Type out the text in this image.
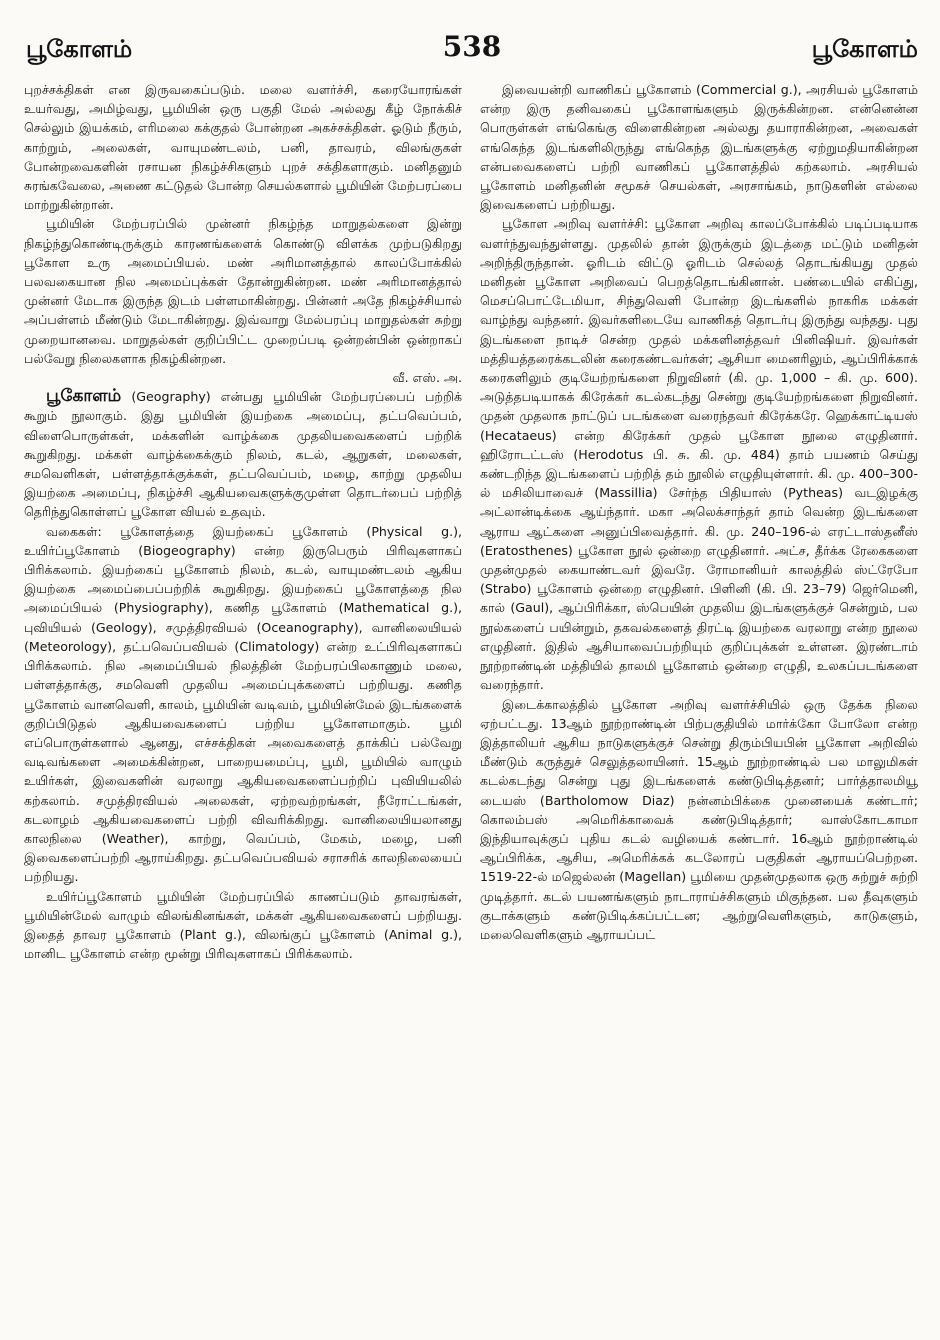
பூகோளம்	538	பூகோளம்

புறச்சக்திகள் என இருவகைப்படும். மலை வளர்ச்சி, கரையோரங்கள் உயர்வது, அமிழ்வது, பூமியின் ஒரு பகுதி மேல் அல்லது கீழ் நோக்கிச் செல்லும் இயக்கம், எரிமலை கக்குதல் போன்றன அகச்சக்திகள். ஓடும் நீரும், காற்றும், அலைகள், வாயுமண்டலம், பனி, தாவரம், விலங்குகள் போன்றவைகளின் ரசாயன நிகழ்ச்சிகளும் புறச் சக்திகளாகும். மனிதனும் சுரங்கவேலை, அணை கட்டுதல் போன்ற செயல்களால் பூமியின் மேற்பரப்பை மாற்றுகின்றான்.

பூமியின் மேற்பரப்பில் முன்னர் நிகழ்ந்த மாறுதல்களை இன்று நிகழ்ந்துகொண்டிருக்கும் காரணங்களைக் கொண்டு விளக்க முற்படுகிறது பூகோள உரு அமைப்பியல். மண் அரிமானத்தால் காலப்போக்கில் பலவகையான நில அமைப்புக்கள் தோன்றுகின்றன. மண் அரிமானத்தால் முன்னர் மேடாக இருந்த இடம் பள்ளமாகின்றது. பின்னர் அதே நிகழ்ச்சியால் அப்பள்ளம் மீண்டும் மேடாகின்றது. இவ்வாறு மேல்பரப்பு மாறுதல்கள் சுற்று முறையானவை. மாறுதல்கள் குறிப்பிட்ட முறைப்படி ஒன்றன்பின் ஒன்றாகப் பல்வேறு நிலைகளாக நிகழ்கின்றன.
வீ. எஸ். அ.

பூகோளம் (Geography) என்பது பூமியின் மேற்பரப்பைப் பற்றிக் கூறும் நூலாகும். இது பூமியின் இயற்கை அமைப்பு, தட்பவெப்பம், விளைபொருள்கள், மக்களின் வாழ்க்கை முதலியவைகளைப் பற்றிக் கூறுகிறது. மக்கள் வாழ்க்கைக்கும் நிலம், கடல், ஆறுகள், மலைகள், சமவெளிகள், பள்ளத்தாக்குக்கள், தட்பவெப்பம், மழை, காற்று முதலிய இயற்கை அமைப்பு, நிகழ்ச்சி ஆகியவைகளுக்குமுள்ள தொடர்பைப் பற்றித் தெரிந்துகொள்ளப் பூகோள வியல் உதவும்.

வகைகள்: பூகோளத்தை இயற்கைப் பூகோளம் (Physical g.), உயிர்ப்பூகோளம் (Biogeography) என்ற இருபெரும் பிரிவுகளாகப் பிரிக்கலாம். இயற்கைப் பூகோளம் நிலம், கடல், வாயுமண்டலம் ஆகிய இயற்கை அமைப்பைப்பற்றிக் கூறுகிறது. இயற்கைப் பூகோளத்தை நில அமைப்பியல் (Physiography), கணித பூகோளம் (Mathematical g.), புவியியல் (Geology), சமுத்திரவியல் (Oceanography), வானிலையியல் (Meteorology), தட்பவெப்பவியல் (Climatology) என்ற உட்பிரிவுகளாகப் பிரிக்கலாம். நில அமைப்பியல் நிலத்தின் மேற்பரப்பிலகாணும் மலை, பள்ளத்தாக்கு, சமவெளி முதலிய அமைப்புக்களைப் பற்றியது. கணித பூகோளம் வானவெளி, காலம், பூமியின் வடிவம், பூமியின்மேல் இடங்களைக் குறிப்பிடுதல் ஆகியவைகளைப் பற்றிய பூகோளமாகும். பூமி எப்பொருள்களால் ஆனது, எச்சக்திகள் அவைகளைத் தாக்கிப் பல்வேறு வடிவங்களை அமைக்கின்றன, பாறையமைப்பு, பூமி, பூமியில் வாழும் உயிர்கள், இவைகளின் வரலாறு ஆகியவைகளைப்பற்றிப் புவியியலில் கற்கலாம். சமுத்திரவியல் அலைகள், ஏற்றவற்றங்கள், நீரோட்டங்கள், கடலாழம் ஆகியவைகளைப் பற்றி விவரிக்கிறது. வானிலையியலானது காலநிலை (Weather), காற்று, வெப்பம், மேகம், மழை, பனி இவைகளைப்பற்றி ஆராய்கிறது. தட்பவெப்பவியல் சராசரிக் காலநிலையைப் பற்றியது.

உயிர்ப்பூகோளம் பூமியின் மேற்பரப்பில் காணப்படும் தாவரங்கள், பூமியின்மேல் வாழும் விலங்கினங்கள், மக்கள் ஆகியவைகளைப் பற்றியது. இதைத் தாவர பூகோளம் (Plant g.), விலங்குப் பூகோளம் (Animal g.), மானிட பூகோளம் என்ற மூன்று பிரிவுகளாகப் பிரிக்கலாம்.

இவையன்றி வாணிகப் பூகோளம் (Commercial g.), அரசியல் பூகோளம் என்ற இரு தனிவகைப் பூகோளங்களும் இருக்கின்றன. என்னென்ன பொருள்கள் எங்கெங்கு விளைகின்றன அல்லது தயாராகின்றன, அவைகள் எங்கெந்த இடங்களிலிருந்து எங்கெந்த இடங்களுக்கு ஏற்றுமதியாகின்றன என்பவைகளைப் பற்றி வாணிகப் பூகோளத்தில் கற்கலாம். அரசியல் பூகோளம் மனிதனின் சமூகச் செயல்கள், அரசாங்கம், நாடுகளின் எல்லை இவைகளைப் பற்றியது.

பூகோள அறிவு வளர்ச்சி: பூகோள அறிவு காலப்போக்கில் படிப்படியாக வளர்ந்துவந்துள்ளது. முதலில் தான் இருக்கும் இடத்தை மட்டும் மனிதன் அறிந்திருந்தான். ஓரிடம் விட்டு ஓரிடம் செல்லத் தொடங்கியது முதல் மனிதன் பூகோள அறிவைப் பெறத்தொடங்கினான். பண்டையில் எகிப்து, மெசப்பொட்டேமியா, சிந்துவெளி போன்ற இடங்களில் நாகரிக மக்கள் வாழ்ந்து வந்தனர். இவர்களிடையே வாணிகத் தொடர்பு இருந்து வந்தது. புது இடங்களை நாடிச் சென்ற முதல் மக்களினத்தவர் பினிஷியர். இவர்கள் மத்தியத்தரைக்கடலின் கரைகண்டவர்கள்; ஆசியா மைனரிலும், ஆப்பிரிக்காக் கரைகளிலும் குடியேற்றங்களை நிறுவினர் (கி. மு. 1,000 – கி. மு. 600). அடுத்தபடியாகக் கிரேக்கர் கடல்கடந்து சென்று குடியேற்றங்களை நிறுவினர். முதன் முதலாக நாட்டுப் படங்களை வரைந்தவர் கிரேக்கரே. ஹெக்காட்டியஸ் (Hecataeus) என்ற கிரேக்கர் முதல் பூகோள நூலை எழுதினார். ஹிரோடட்டஸ் (Herodotus பி. சு. கி. மு. 484) தாம் பயணம் செய்து கண்டறிந்த இடங்களைப் பற்றித் தம் நூலில் எழுதியுள்ளார். கி. மு. 400–300-ல் மசிலியாவைச் (Massillia) சேர்ந்த பிதியாஸ் (Pytheas) வடஇழக்கு அட்லான்டிக்கை ஆய்ந்தார். மகா அலெக்சாந்தர் தாம் வென்ற இடங்களை ஆராய ஆட்களை அனுப்பிவைத்தார். கி. மு. 240–196-ல் எரட்டாஸ்தனீஸ் (Eratosthenes) பூகோள நூல் ஒன்றை எழுதினார். அட்ச, தீர்க்க ரேகைகளை முதன்முதல் கையாண்டவர் இவரே. ரோமானியர் காலத்தில் ஸ்ட்ரேபோ (Strabo) பூகோளம் ஒன்றை எழுதினர். பிளினி (கி. பி. 23–79) ஜெர்மெனி, கால் (Gaul), ஆப்பிரிக்கா, ஸ்பெயின் முதலிய இடங்களுக்குச் சென்றும், பல நூல்களைப் பயின்றும், தகவல்களைத் திரட்டி இயற்கை வரலாறு என்ற நூலை எழுதினர். இதில் ஆசியாவைப்பற்றியும் குறிப்புக்கள் உள்ளன. இரண்டாம் நூற்றாண்டின் மத்தியில் தாலமி பூகோளம் ஒன்றை எழுதி, உலகப்படங்களை வரைந்தார்.

இடைக்காலத்தில் பூகோள அறிவு வளர்ச்சியில் ஒரு தேக்க நிலை ஏற்பட்டது. 13ஆம் நூற்றாண்டின் பிற்பகுதியில் மார்க்கோ போலோ என்ற இத்தாலியர் ஆசிய நாடுகளுக்குச் சென்று திரும்பியபின் பூகோள அறிவில் மீண்டும் கருத்துச் செலுத்தலாயினர். 15ஆம் நூற்றாண்டில் பல மாலுமிகள் கடல்கடந்து சென்று புது இடங்களைக் கண்டுபிடித்தனர்; பார்த்தாலமியூ டையஸ் (Bartholomow Diaz) நன்னம்பிக்கை முனையைக் கண்டார்; கொலம்பஸ் அமெரிக்காவைக் கண்டுபிடித்தார்; வாஸ்கோடகாமா இந்தியாவுக்குப் புதிய கடல் வழியைக் கண்டார். 16ஆம் நூற்றாண்டில் ஆப்பிரிக்க, ஆசிய, அமெரிக்கக் கடலோரப் பகுதிகள் ஆராயப்பெற்றன. 1519-22-ல் மஜெல்லன் (Magellan) பூமியை முதன்முதலாக ஒரு சுற்றுச் சுற்றி முடித்தார். கடல் பயணங்களும் நாடாராய்ச்சிகளும் மிகுந்தன. பல தீவுகளும் குடாக்களும் கண்டுபிடிக்கப்பட்டன; ஆற்றுவெளிகளும், காடுகளும், மலைவெளிகளும் ஆராயப்பட்
